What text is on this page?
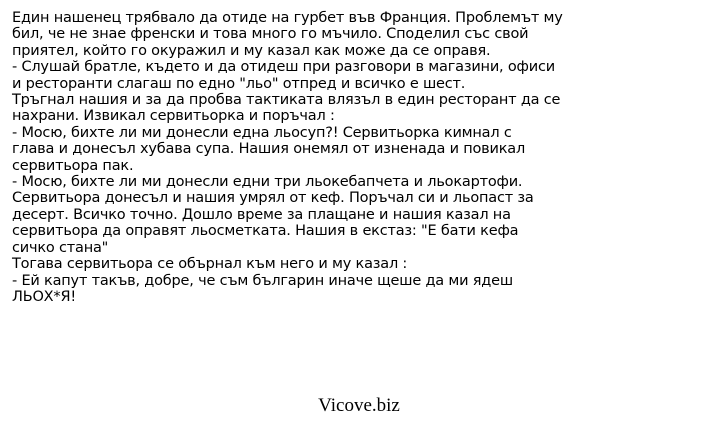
Един нашенец трябвало да отиде на гурбет във Франция. Проблемът му
бил, че не знае френски и това много го мъчило. Споделил със свой
приятел, който го окуражил и му казал как може да се оправя.
- Слушай братле, където и да отидеш при разговори в магазини, офиси
и ресторанти слагаш по едно "льо" отпред и всичко е шест.
Тръгнал нашия и за да пробва тактиката влязъл в един ресторант да се
нахрани. Извикал сервитьорка и поръчал :
- Мосю, бихте ли ми донесли една льосуп?! Сервитьорка кимнал с
глава и донесъл хубава супа. Нашия онемял от изненада и повикал
сервитьора пак.
- Мосю, бихте ли ми донесли едни три льокебапчета и льокартофи.
Сервитьора донесъл и нашия умрял от кеф. Поръчал си и льопаст за
десерт. Всичко точно. Дошло време за плащане и нашия казал на
сервитьора да оправят льосметката. Нашия в екстаз: "Е бати кефа
сичко стана"
Тогава сервитьора се обърнал към него и му казал :
- Ей капут такъв, добре, че съм българин иначе щеше да ми ядеш
ЛЬОХ*Я!
Vicove.biz
